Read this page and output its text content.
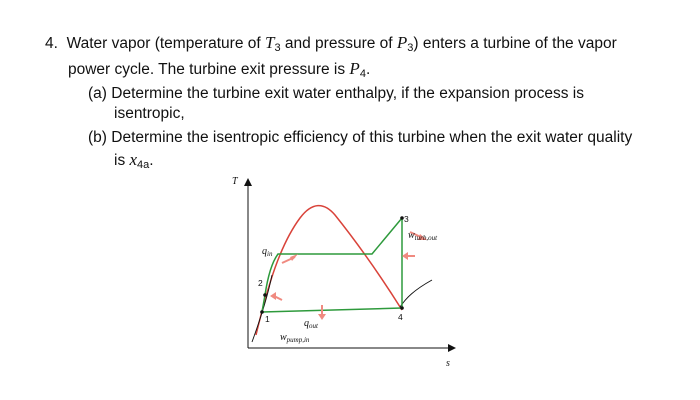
4. Water vapor (temperature of $T_3$ and pressure of $P_3$) enters a turbine of the vapor
power cycle. The turbine exit pressure is $P_4$.
(a) Determine the turbine exit water enthalpy, if the expansion process is
isentropic,
(b) Determine the isentropic efficiency of this turbine when the exit water quality
is $x_{4a}$.
T
s
1
2
3
4
$q_{in}$
$q_{out}$
$w_{turb,out}$
$w_{pump,in}$
